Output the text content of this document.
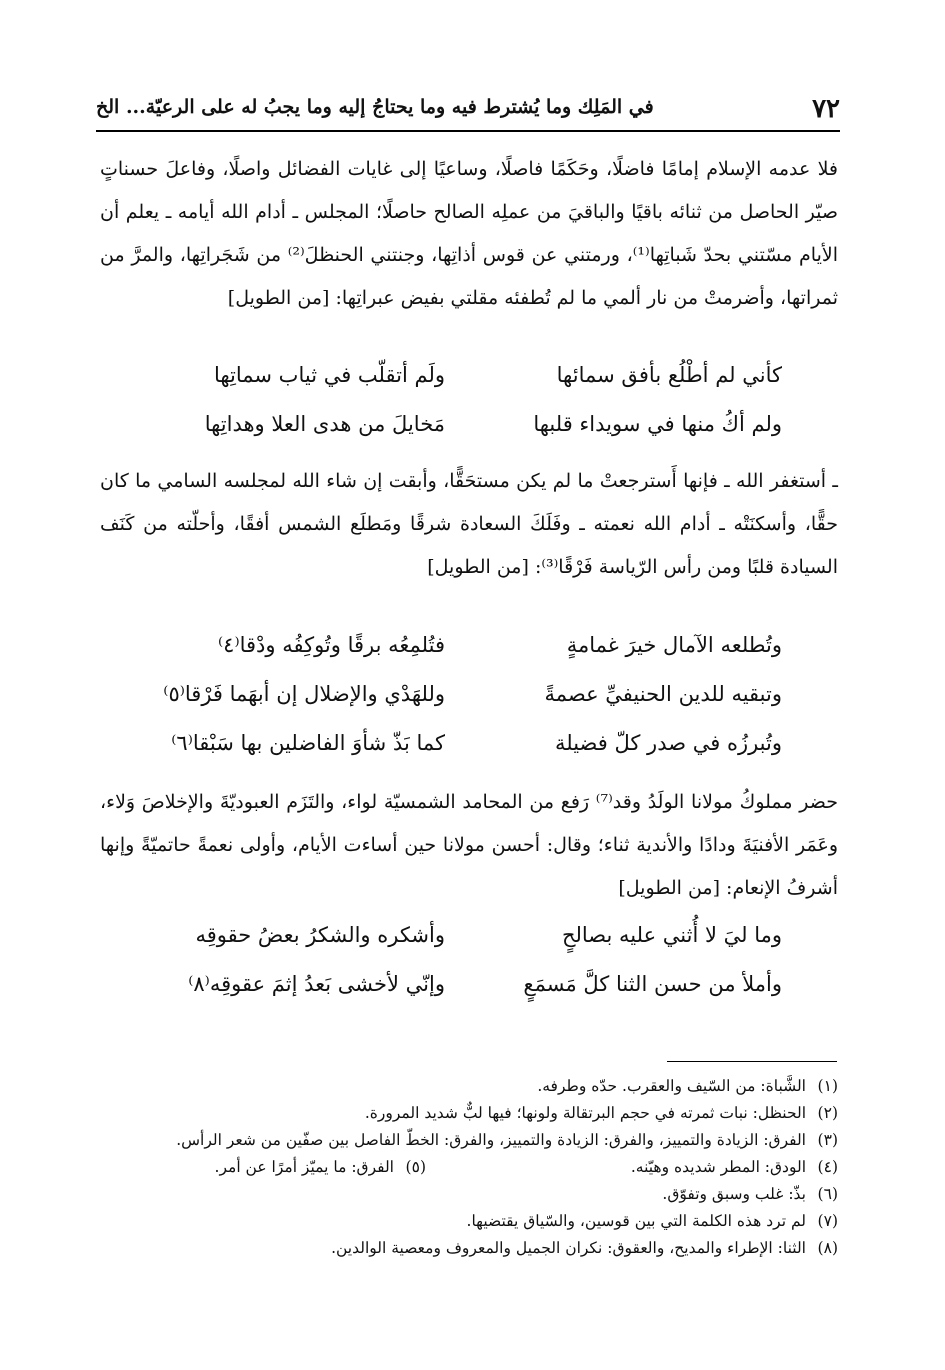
٧٢
في المَلِك وما يُشترط فيه وما يحتاجُ إليه وما يجبُ له على الرعيّة... الخ

فلا عدمه الإسلام إمامًا فاضلًا، وحَكَمًا فاصلًا، وساعيًا إلى غايات الفضائل واصلًا، وفاعلَ حسناتٍ صيّر الحاصل من ثنائه باقيًا والباقيَ من عملِه الصالح حاصلًا؛ المجلس ـ أدام الله أيامه ـ يعلم أن الأيام مسّتني بحدّ شَباتِها⁽¹⁾، ورمتني عن قوس أذاتِها، وجنتني الحنظلَ⁽²⁾ من شَجَراتِها، والمرَّ من ثمراتها، وأضرمتْ من نار ألمي ما لم تُطفئه مقلتي بفيض عبراتِها: [من الطويل]

كأني لم أطْلُع بأفق سمائها
ولَم أتقلّب في ثياب سماتِها
ولم أكُ منها في سويداء قلبها
مَخايلَ من هدى العلا وهداتِها

ـ أستغفر الله ـ فإنها أَسترجعتْ ما لم يكن مستحَقًّا، وأبقت إن شاء الله لمجلسه السامي ما كان حقًّا، وأسكنَتْه ـ أدام الله نعمته ـ وفَلَكَ السعادة شرقًا ومَطلَع الشمس أفقًا، وأحلّته من كَنَف السيادة قلبًا ومن رأس الرّياسة فَرْقًا⁽³⁾: [من الطويل]

وتُطلعه الآمال خيرَ غمامةٍ
فتُلمِعُه برقًا وتُوكِفُه ودْقا⁽٤⁾
وتبقيه للدين الحنيفيِّ عصمةً
وللهَدْي والإضلال إن أبهَما فَرْقا⁽٥⁾
وتُبرزُه في صدر كلّ فضيلة
كما بَذّ شأوَ الفاضلين بها سَبْقا⁽٦⁾

حضر مملوكُ مولانا الولَدُ وقد⁽⁷⁾ رَفع من المحامد الشمسيّة لواء، والتَزَم العبوديّةَ والإخلاصَ وَلاء، وعَمَر الأفنيَةَ ودادًا والأندية ثناء؛ وقال: أحسن مولانا حين أساءت الأيام، وأولى نعمةً حاتميّةً وإنها أشرفُ الإنعام: [من الطويل]

وما ليَ لا أُثني عليه بصالحٍ
وأشكره والشكرُ بعضُ حقوقِه
وأملأ من حسن الثنا كلَّ مَسمَعٍ
وإنّي لأخشى بَعدُ إثمَ عقوقِه⁽٨⁾

(١)
الشَّباة: من السّيف والعقرب. حدّه وطرفه.

(٢)
الحنظل: نبات ثمرته في حجم البرتقالة ولونها؛ فيها لبٌّ شديد المرورة.

(٣)
الفرق: الزيادة والتمييز، والفرق: الزيادة والتمييز، والفرق: الخطّ الفاصل بين صفّين من شعر الرأس.

(٤)
الودق: المطر شديده وهيّنه.

(٥)
الفرق: ما يميّز أمرًا عن أمر.

(٦)
بذّ: غلب وسبق وتفوّق.

(٧)
لم ترد هذه الكلمة التي بين قوسين، والسّياق يقتضيها.

(٨)
الثنا: الإطراء والمديح، والعقوق: نكران الجميل والمعروف ومعصية الوالدين.
